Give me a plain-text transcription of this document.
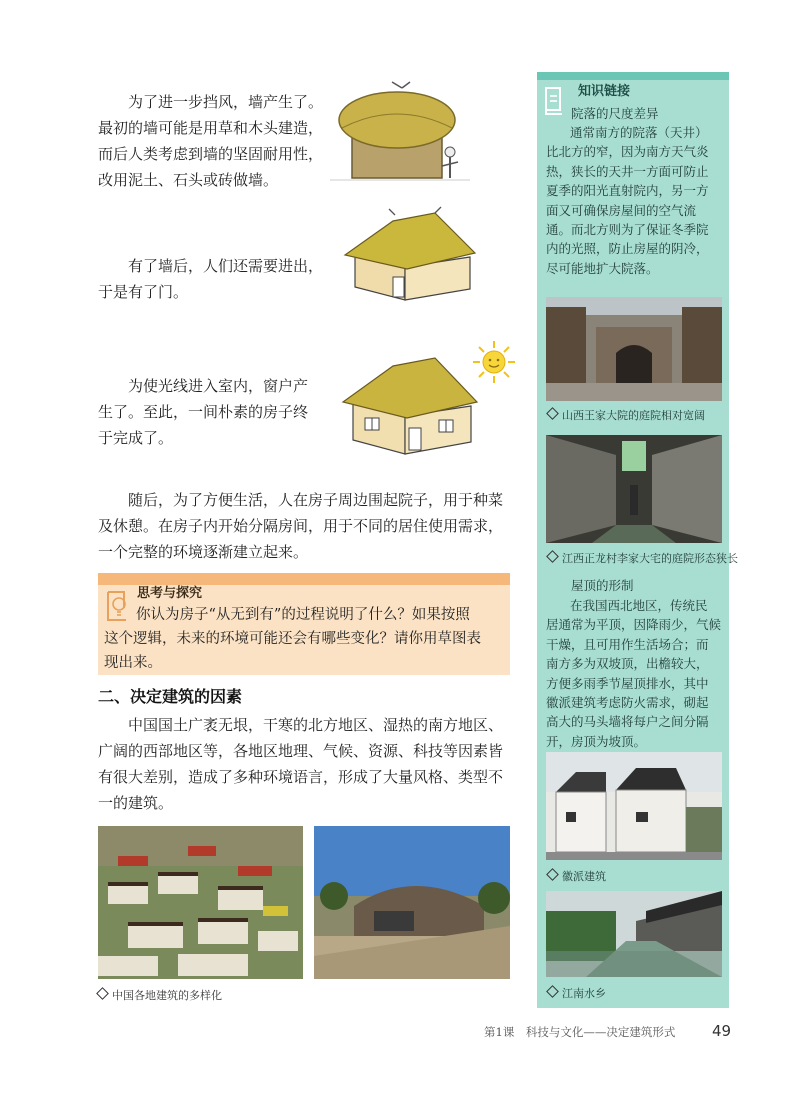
为了进一步挡风，墙产生了。
最初的墙可能是用草和木头建造，
而后人类考虑到墙的坚固耐用性，
改用泥土、石头或砖做墙。
有了墙后，人们还需要进出，
于是有了门。
为使光线进入室内，窗户产
生了。至此，一间朴素的房子终
于完成了。
随后，为了方便生活，人在房子周边围起院子，用于种菜
及休憩。在房子内开始分隔房间，用于不同的居住使用需求，
一个完整的环境逐渐建立起来。
思考与探究
你认为房子“从无到有”的过程说明了什么？如果按照
这个逻辑，未来的环境可能还会有哪些变化？请你用草图表
现出来。
二、决定建筑的因素
中国国土广袤无垠，干寒的北方地区、湿热的南方地区、
广阔的西部地区等，各地区地理、气候、资源、科技等因素皆
有很大差别，造成了多种环境语言，形成了大量风格、类型不
一的建筑。
中国各地建筑的多样化
知识链接
院落的尺度差异
通常南方的院落（天井）
比北方的窄，因为南方天气炎
热，狭长的天井一方面可防止
夏季的阳光直射院内，另一方
面又可确保房屋间的空气流
通。而北方则为了保证冬季院
内的光照，防止房屋的阴冷，
尽可能地扩大院落。
山西王家大院的庭院相对宽阔
江西正龙村李家大宅的庭院形态狭长
屋顶的形制
在我国西北地区，传统民
居通常为平顶，因降雨少，气候
干燥，且可用作生活场合；而
南方多为双坡顶，出檐较大，
方便多雨季节屋顶排水，其中
徽派建筑考虑防火需求，砌起
高大的马头墙将每户之间分隔
开，房顶为坡顶。
徽派建筑
江南水乡
第1课　科技与文化——决定建筑形式 49
